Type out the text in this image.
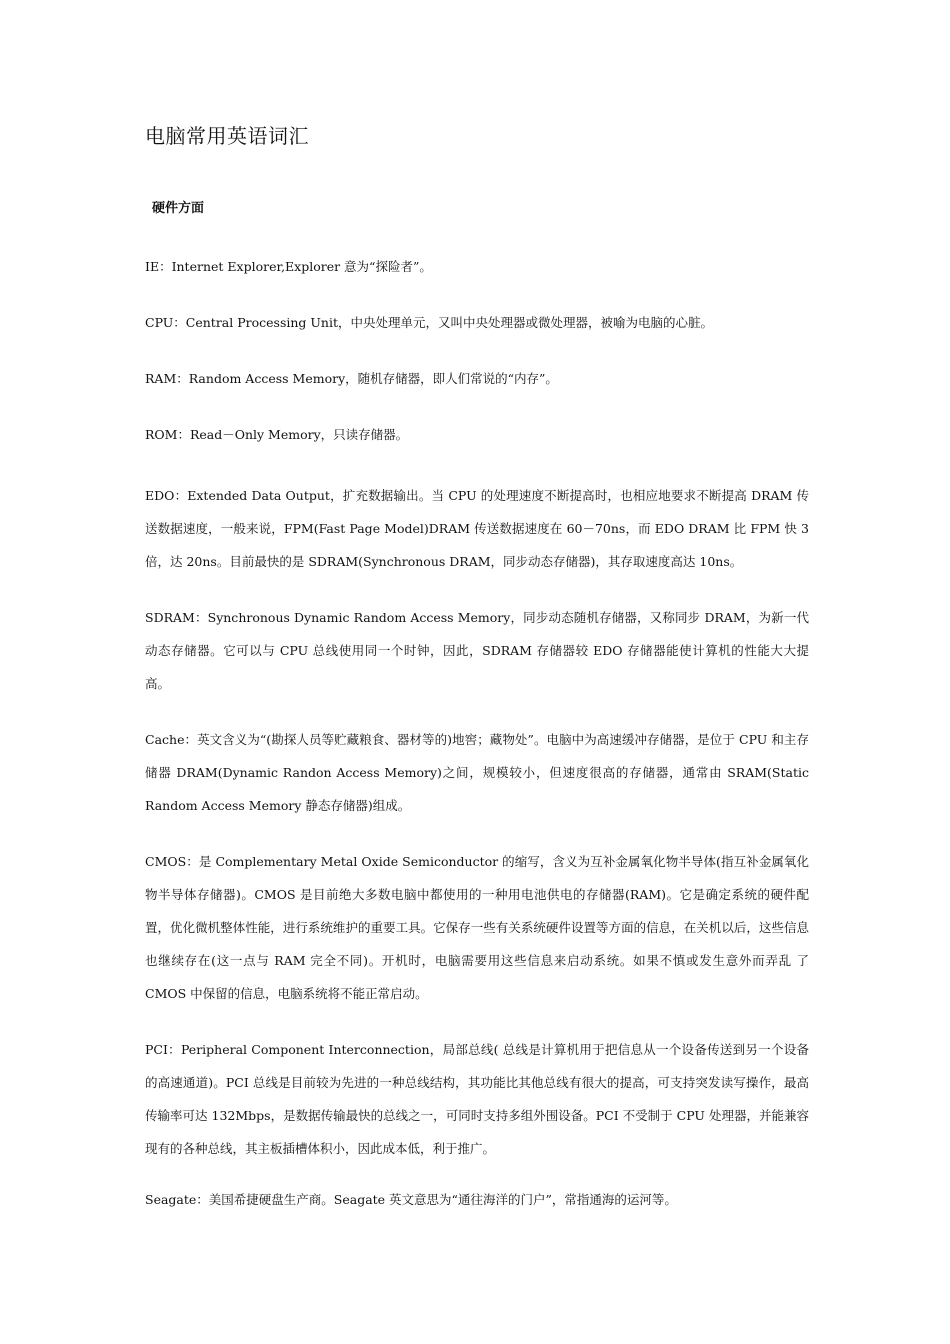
电脑常用英语词汇
硬件方面

IE：Internet Explorer,Explorer 意为“探险者”。

CPU：Central Processing Unit，中央处理单元，又叫中央处理器或微处理器，被喻为电脑的心脏。

RAM：Random Access Memory，随机存储器，即人们常说的“内存”。

ROM：Read－Only Memory，只读存储器。

EDO：Extended Data Output，扩充数据输出。当 CPU 的处理速度不断提高时，也相应地要求不断提高 DRAM 传送数据速度，一般来说，FPM(Fast Page Model)DRAM 传送数据速度在 60－70ns，而 EDO DRAM 比 FPM 快 3 倍，达 20ns。目前最快的是 SDRAM(Synchronous DRAM，同步动态存储器)，其存取速度高达 10ns。

SDRAM：Synchronous Dynamic Random Access Memory，同步动态随机存储器，又称同步 DRAM，为新一代动态存储器。它可以与 CPU 总线使用同一个时钟，因此，SDRAM 存储器较 EDO 存储器能使计算机的性能大大提高。

Cache：英文含义为“(勘探人员等贮藏粮食、器材等的)地窖；藏物处”。电脑中为高速缓冲存储器，是位于 CPU 和主存储器 DRAM(Dynamic Randon Access Memory)之间，规模较小，但速度很高的存储器，通常由 SRAM(Static Random Access Memory 静态存储器)组成。

CMOS：是 Complementary Metal Oxide Semiconductor 的缩写，含义为互补金属氧化物半导体(指互补金属氧化物半导体存储器)。CMOS 是目前绝大多数电脑中都使用的一种用电池供电的存储器(RAM)。它是确定系统的硬件配置，优化微机整体性能，进行系统维护的重要工具。它保存一些有关系统硬件设置等方面的信息，在关机以后，这些信息也继续存在(这一点与 RAM 完全不同)。开机时，电脑需要用这些信息来启动系统。如果不慎或发生意外而弄乱 了 CMOS 中保留的信息，电脑系统将不能正常启动。

PCI：Peripheral Component Interconnection，局部总线( 总线是计算机用于把信息从一个设备传送到另一个设备的高速通道)。PCI 总线是目前较为先进的一种总线结构，其功能比其他总线有很大的提高，可支持突发读写操作，最高传输率可达 132Mbps，是数据传输最快的总线之一，可同时支持多组外围设备。PCI 不受制于 CPU 处理器，并能兼容现有的各种总线，其主板插槽体积小，因此成本低，利于推广。

Seagate：美国希捷硬盘生产商。Seagate 英文意思为“通往海洋的门户”，常指通海的运河等。
